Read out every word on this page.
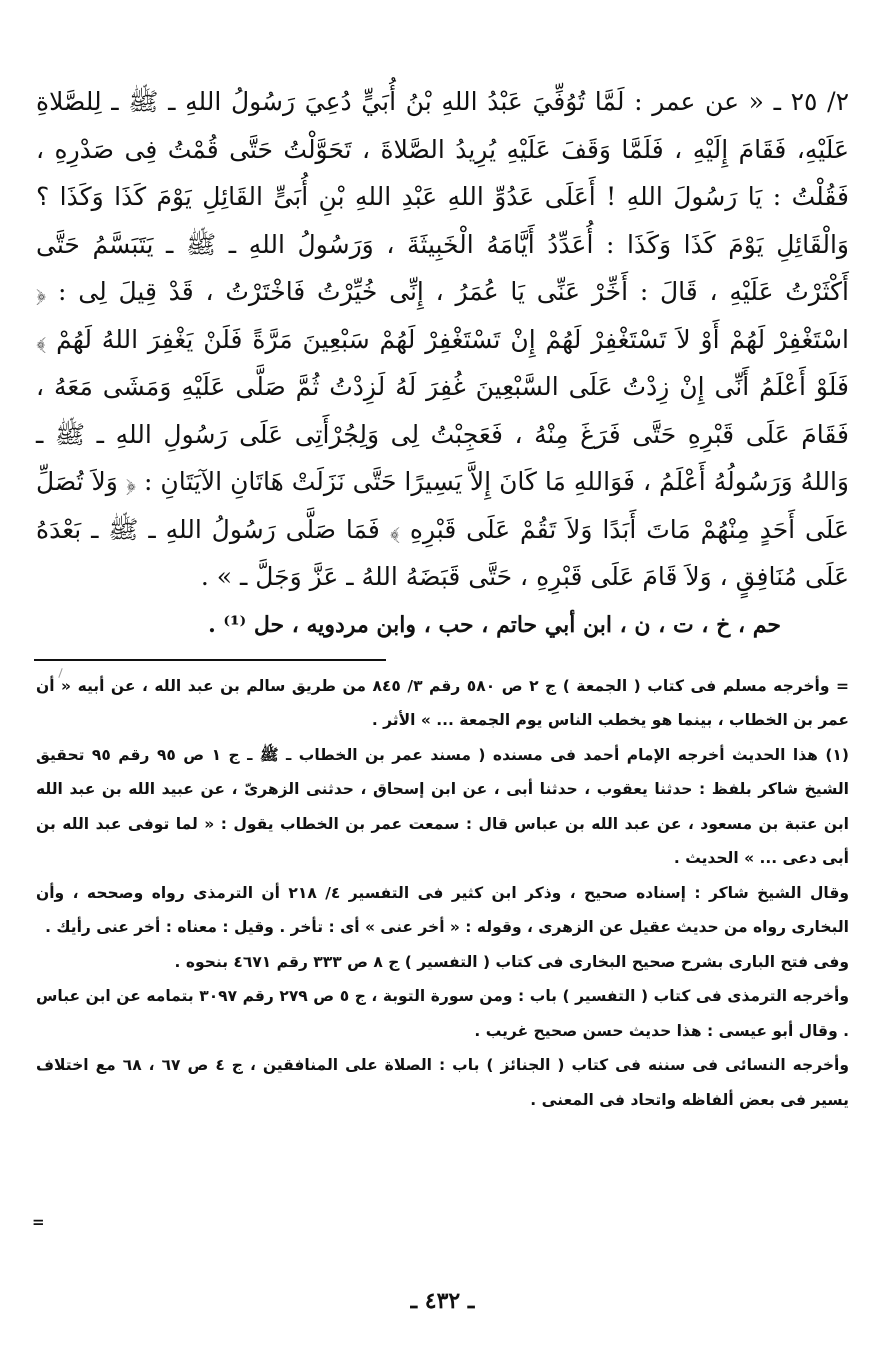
٢/ ٢٥ ـ « عن عمر : لَمَّا تُوُفِّيَ عَبْدُ اللهِ بْنُ أُبَيٍّ دُعِيَ رَسُولُ اللهِ ـ ﷺ ـ لِلصَّلاةِ عَلَيْهِ، فَقَامَ إِلَيْهِ ، فَلَمَّا وَقَفَ عَلَيْهِ يُرِيدُ الصَّلاةَ ، تَحَوَّلْتُ حَتَّى قُمْتُ فِى صَدْرِهِ ، فَقُلْتُ : يَا رَسُولَ اللهِ ! أَعَلَى عَدُوِّ اللهِ عَبْدِ اللهِ بْنِ أُبَىٍّ القَائِلِ يَوْمَ كَذَا وَكَذَا ؟ وَالْقَائِلِ يَوْمَ كَذَا وَكَذَا : أُعَدِّدُ أَيَّامَهُ الْخَبِيثَةَ ، وَرَسُولُ اللهِ ـ ﷺ ـ يَتَبَسَّمُ حَتَّى أَكْثَرْتُ عَلَيْهِ ، قَالَ : أَخِّرْ عَنِّى يَا عُمَرُ ، إِنِّى خُيِّرْتُ فَاخْتَرْتُ ، قَدْ قِيلَ لِى : ﴿ اسْتَغْفِرْ لَهُمْ أَوْ لاَ تَسْتَغْفِرْ لَهُمْ إِنْ تَسْتَغْفِرْ لَهُمْ سَبْعِينَ مَرَّةً فَلَنْ يَغْفِرَ اللهُ لَهُمْ ﴾ فَلَوْ أَعْلَمُ أَنِّى إِنْ زِدْتُ عَلَى السَّبْعِينَ غُفِرَ لَهُ لَزِدْتُ ثُمَّ صَلَّى عَلَيْهِ وَمَشَى مَعَهُ ، فَقَامَ عَلَى قَبْرِهِ حَتَّى فَرَغَ مِنْهُ ، فَعَجِبْتُ لِى وَلِجُرْأَتِى عَلَى رَسُولِ اللهِ ـ ﷺ ـ وَاللهُ وَرَسُولُهُ أَعْلَمُ ، فَوَاللهِ مَا كَانَ إِلاَّ يَسِيرًا حَتَّى نَزَلَتْ هَاتَانِ الآيَتَانِ : ﴿ وَلاَ تُصَلِّ عَلَى أَحَدٍ مِنْهُمْ مَاتَ أَبَدًا وَلاَ تَقُمْ عَلَى قَبْرِهِ ﴾ فَمَا صَلَّى رَسُولُ اللهِ ـ ﷺ ـ بَعْدَهُ عَلَى مُنَافِقٍ ، وَلاَ قَامَ عَلَى قَبْرِهِ ، حَتَّى قَبَضَهُ اللهُ ـ عَزَّ وَجَلَّ ـ » .

حم ، خ ، ت ، ن ، ابن أبي حاتم ، حب ، وابن مردويه ، حل ⁽¹⁾ .

= وأخرجه مسلم فى كتاب ( الجمعة ) ج ٢ ص ٥٨٠ رقم ٣/ ٨٤٥ من طريق سالم بن عبد الله ، عن أبيه « أن عمر بن الخطاب ، بينما هو يخطب الناس يوم الجمعة ... » الأثر .

(١) هذا الحديث أخرجه الإمام أحمد فى مسنده ( مسند عمر بن الخطاب ـ ﷺ ـ ج ١ ص ٩٥ رقم ٩٥ تحقيق الشيخ شاكر بلفظ : حدثنا يعقوب ، حدثنا أبى ، عن ابن إسحاق ، حدثنى الزهرىّ ، عن عبيد الله بن عبد الله ابن عتبة بن مسعود ، عن عبد الله بن عباس قال : سمعت عمر بن الخطاب يقول : « لما توفى عبد الله بن أبى دعى ... » الحديث .

وقال الشيخ شاكر : إسناده صحيح ، وذكر ابن كثير فى التفسير ٤/ ٢١٨ أن الترمذى رواه وصححه ، وأن البخارى رواه من حديث عقيل عن الزهرى ، وقوله : « أخر عنى » أى : تأخر . وقيل : معناه : أخر عنى رأيك .

وفى فتح البارى بشرح صحيح البخارى فى كتاب ( التفسير ) ج ٨ ص ٣٣٣ رقم ٤٦٧١ بنحوه .

وأخرجه الترمذى فى كتاب ( التفسير ) باب : ومن سورة التوبة ، ج ٥ ص ٢٧٩ رقم ٣٠٩٧ بتمامه عن ابن عباس . وقال أبو عيسى : هذا حديث حسن صحيح غريب .

وأخرجه النسائى فى سننه فى كتاب ( الجنائز ) باب : الصلاة على المنافقين ، ج ٤ ص ٦٧ ، ٦٨ مع اختلاف يسير فى بعض ألفاظه واتحاد فى المعنى .

=
ـ ٤٣٢ ـ
